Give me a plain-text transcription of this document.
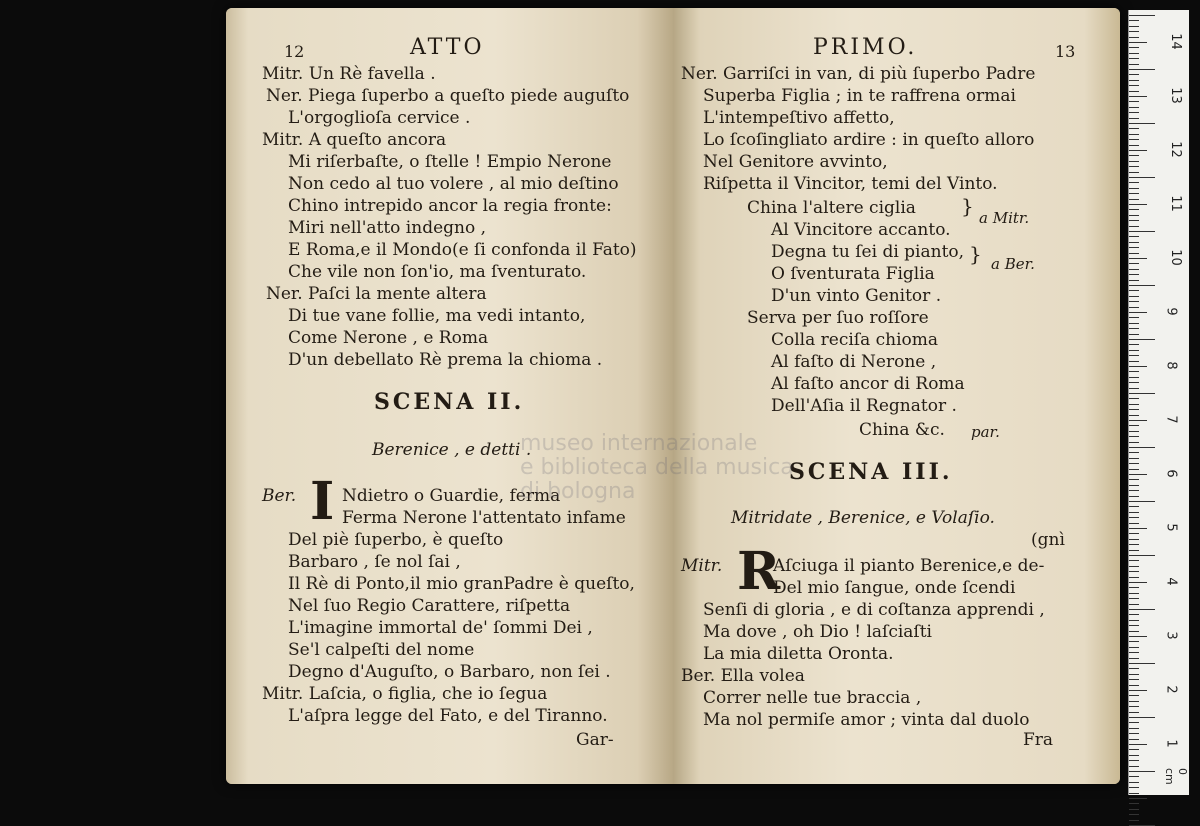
12	ATTO
Mitr. Un Rè favella .
Ner. Piega ſuperbo a queſto piede auguſto
L'orgoglioſa cervice .
Mitr. A queſto ancora
Mi riſerbaſte, o ſtelle ! Empio Nerone
Non cedo al tuo volere , al mio deſtino
Chino intrepido ancor la regia fronte:
Miri nell'atto indegno ,
E Roma,e il Mondo(e ſi confonda il Fato)
Che vile non ſon'io, ma ſventurato.
Ner. Paſci la mente altera
Di tue vane follie, ma vedi intanto,
Come Nerone , e Roma
D'un debellato Rè prema la chioma .
SCENA II.
Berenice , e detti .
Ber. I Ndietro o Guardie, ferma
Ferma Nerone l'attentato infame
Del piè ſuperbo, è queſto
Barbaro , ſe nol ſai ,
Il Rè di Ponto,il mio granPadre è queſto,
Nel ſuo Regio Carattere, riſpetta
L'imagine immortal de' ſommi Dei ,
Se'l calpeſti del nome
Degno d'Auguſto, o Barbaro, non ſei .
Mitr. Laſcia, o figlia, che io ſegua
L'aſpra legge del Fato, e del Tiranno.
Gar-
PRIMO.	13
Ner. Garriſci in van, di più ſuperbo Padre
Superba Figlia ; in te raffrena ormai
L'intempeſtivo affetto,
Lo ſcoſingliato ardire : in queſto alloro
Nel Genitore avvinto,
Riſpetta il Vincitor, temi del Vinto.
China l'altere ciglia
Al Vincitore accanto.
Degna tu ſei di pianto,
O ſventurata Figlia
D'un vinto Genitor .
Serva per ſuo roſſore
Colla reciſa chioma
Al faſto di Nerone ,
Al faſto ancor di Roma
Dell'Aſia il Regnator .
} a Mitr.
} a Ber.
China &c. par.
SCENA III.
Mitridate , Berenice, e Volaſio.
(gnì
Mitr. R
Aſciuga il pianto Berenice,e de-
Del mio ſangue, onde ſcendi
Senſi di gloria , e di coſtanza apprendi ,
Ma dove , oh Dio ! laſciaſti
La mia diletta Oronta.
Ber. Ella volea
Correr nelle tue braccia ,
Ma nol permiſe amor ; vinta dal duolo
Fra
museo internazionale
e biblioteca della musica
di bologna
14
13
12
11
10
9
8
7
6
5
4
3
2
1
0 cm
